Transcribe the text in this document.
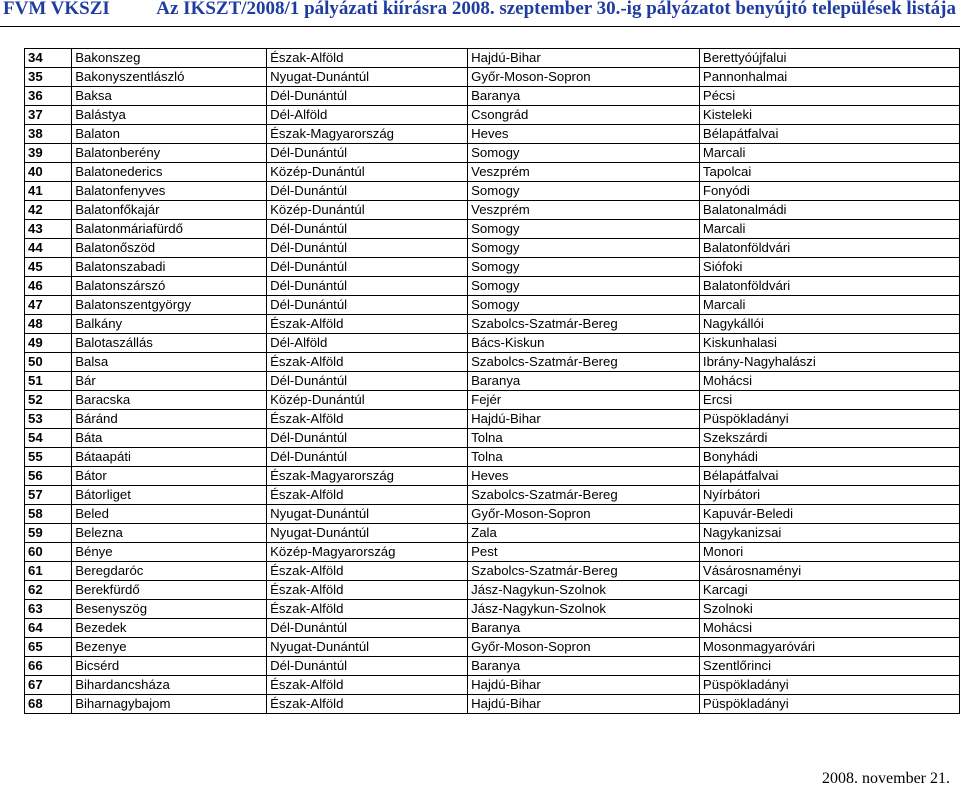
FVM VKSZI Az IKSZT/2008/1 pályázati kiírásra 2008. szeptember 30.-ig pályázatot benyújtó települések listája
34	Bakonszeg	Észak-Alföld	Hajdú-Bihar	Berettyóújfalui
35	Bakonyszentlászló	Nyugat-Dunántúl	Győr-Moson-Sopron	Pannonhalmai
36	Baksa	Dél-Dunántúl	Baranya	Pécsi
37	Balástya	Dél-Alföld	Csongrád	Kisteleki
38	Balaton	Észak-Magyarország	Heves	Bélapátfalvai
39	Balatonberény	Dél-Dunántúl	Somogy	Marcali
40	Balatonederics	Közép-Dunántúl	Veszprém	Tapolcai
41	Balatonfenyves	Dél-Dunántúl	Somogy	Fonyódi
42	Balatonfőkajár	Közép-Dunántúl	Veszprém	Balatonalmádi
43	Balatonmáriafürdő	Dél-Dunántúl	Somogy	Marcali
44	Balatonőszöd	Dél-Dunántúl	Somogy	Balatonföldvári
45	Balatonszabadi	Dél-Dunántúl	Somogy	Siófoki
46	Balatonszárszó	Dél-Dunántúl	Somogy	Balatonföldvári
47	Balatonszentgyörgy	Dél-Dunántúl	Somogy	Marcali
48	Balkány	Észak-Alföld	Szabolcs-Szatmár-Bereg	Nagykállói
49	Balotaszállás	Dél-Alföld	Bács-Kiskun	Kiskunhalasi
50	Balsa	Észak-Alföld	Szabolcs-Szatmár-Bereg	Ibrány-Nagyhalászi
51	Bár	Dél-Dunántúl	Baranya	Mohácsi
52	Baracska	Közép-Dunántúl	Fejér	Ercsi
53	Báránd	Észak-Alföld	Hajdú-Bihar	Püspökladányi
54	Báta	Dél-Dunántúl	Tolna	Szekszárdi
55	Bátaapáti	Dél-Dunántúl	Tolna	Bonyhádi
56	Bátor	Észak-Magyarország	Heves	Bélapátfalvai
57	Bátorliget	Észak-Alföld	Szabolcs-Szatmár-Bereg	Nyírbátori
58	Beled	Nyugat-Dunántúl	Győr-Moson-Sopron	Kapuvár-Beledi
59	Belezna	Nyugat-Dunántúl	Zala	Nagykanizsai
60	Bénye	Közép-Magyarország	Pest	Monori
61	Beregdaróc	Észak-Alföld	Szabolcs-Szatmár-Bereg	Vásárosnaményi
62	Berekfürdő	Észak-Alföld	Jász-Nagykun-Szolnok	Karcagi
63	Besenyszög	Észak-Alföld	Jász-Nagykun-Szolnok	Szolnoki
64	Bezedek	Dél-Dunántúl	Baranya	Mohácsi
65	Bezenye	Nyugat-Dunántúl	Győr-Moson-Sopron	Mosonmagyaróvári
66	Bicsérd	Dél-Dunántúl	Baranya	Szentlőrinci
67	Bihardancsháza	Észak-Alföld	Hajdú-Bihar	Püspökladányi
68	Biharnagybajom	Észak-Alföld	Hajdú-Bihar	Püspökladányi
2008. november 21.
